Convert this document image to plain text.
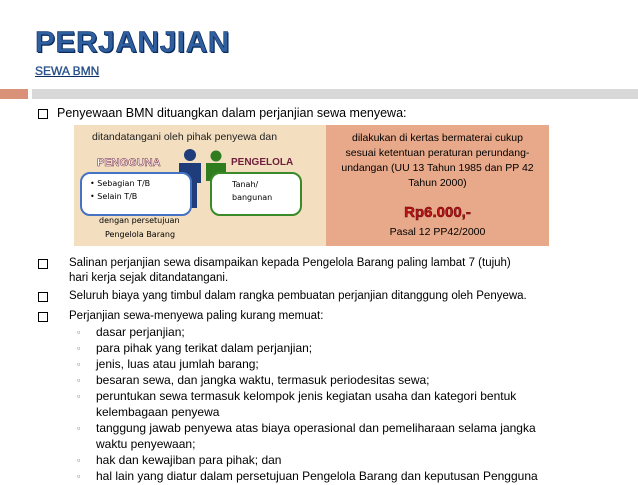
PERJANJIAN
SEWA BMN
Penyewaan BMN dituangkan dalam perjanjian sewa menyewa:
ditandatangani oleh pihak penyewa dan
PENGGUNA	PENGELOLA
• Sebagian T/B
• Selain T/B
Tanah/
bangunan
dengan persetujuan
Pengelola Barang
dilakukan di kertas bermaterai cukup
sesuai ketentuan peraturan perundang-
undangan (UU 13 Tahun 1985 dan PP 42
Tahun 2000)
Rp6.000,-
Pasal 12 PP42/2000
Salinan perjanjian sewa disampaikan kepada Pengelola Barang paling lambat 7 (tujuh)
hari kerja sejak ditandatangani.
Seluruh biaya yang timbul dalam rangka pembuatan perjanjian ditanggung oleh Penyewa.
Perjanjian sewa-menyewa paling kurang memuat:
▫	dasar perjanjian;
▫	para pihak yang terikat dalam perjanjian;
▫	jenis, luas atau jumlah barang;
▫	besaran sewa, dan jangka waktu, termasuk periodesitas sewa;
▫	peruntukan sewa termasuk kelompok jenis kegiatan usaha dan kategori bentuk
kelembagaan penyewa
▫	tanggung jawab penyewa atas biaya operasional dan pemeliharaan selama jangka
waktu penyewaan;
▫	hak dan kewajiban para pihak; dan
▫	hal lain yang diatur dalam persetujuan Pengelola Barang dan keputusan Pengguna
